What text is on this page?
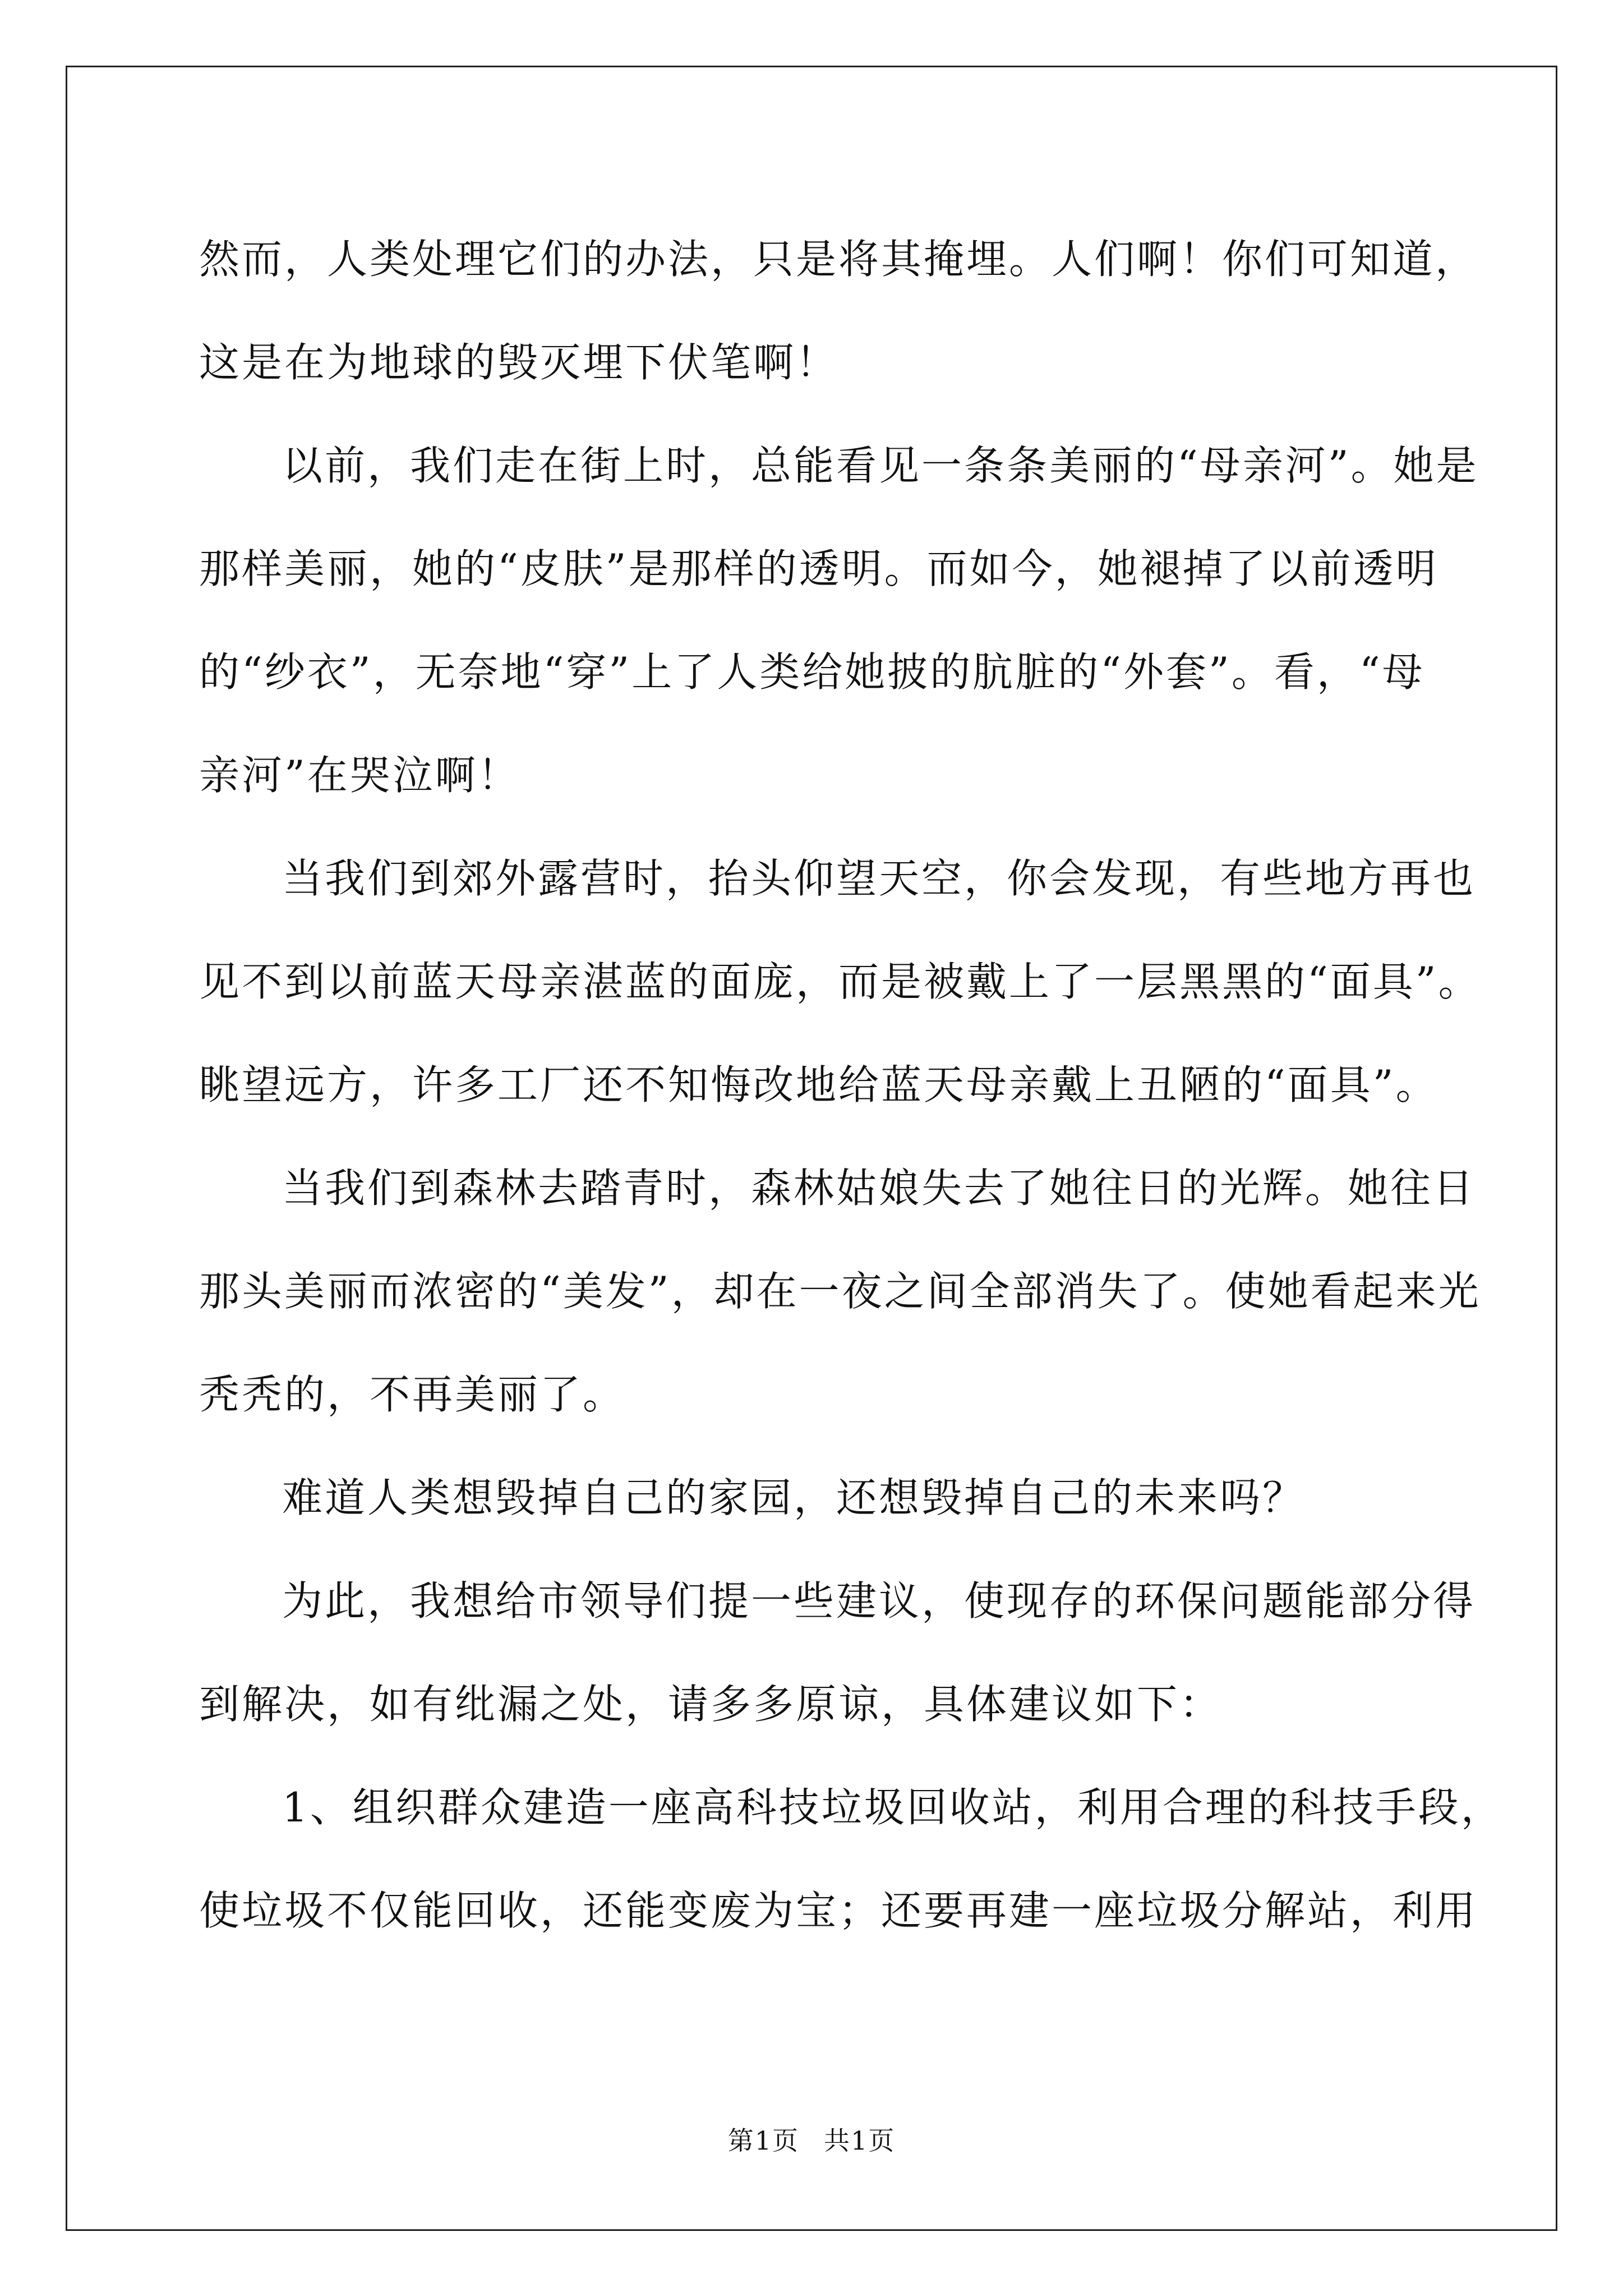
然而，人类处理它们的办法，只是将其掩埋。人们啊！你们可知道，
这是在为地球的毁灭埋下伏笔啊！
以前，我们走在街上时，总能看见一条条美丽的“母亲河”。她是
那样美丽，她的“皮肤”是那样的透明。而如今，她褪掉了以前透明
的“纱衣”，无奈地“穿”上了人类给她披的肮脏的“外套”。看，“母
亲河”在哭泣啊！
当我们到郊外露营时，抬头仰望天空，你会发现，有些地方再也
见不到以前蓝天母亲湛蓝的面庞，而是被戴上了一层黑黑的“面具”。
眺望远方，许多工厂还不知悔改地给蓝天母亲戴上丑陋的“面具”。
当我们到森林去踏青时，森林姑娘失去了她往日的光辉。她往日
那头美丽而浓密的“美发”，却在一夜之间全部消失了。使她看起来光
秃秃的，不再美丽了。
难道人类想毁掉自己的家园，还想毁掉自己的未来吗？
为此，我想给市领导们提一些建议，使现存的环保问题能部分得
到解决，如有纰漏之处，请多多原谅，具体建议如下：
1、组织群众建造一座高科技垃圾回收站，利用合理的科技手段，
使垃圾不仅能回收，还能变废为宝；还要再建一座垃圾分解站，利用
第1页 共1页
